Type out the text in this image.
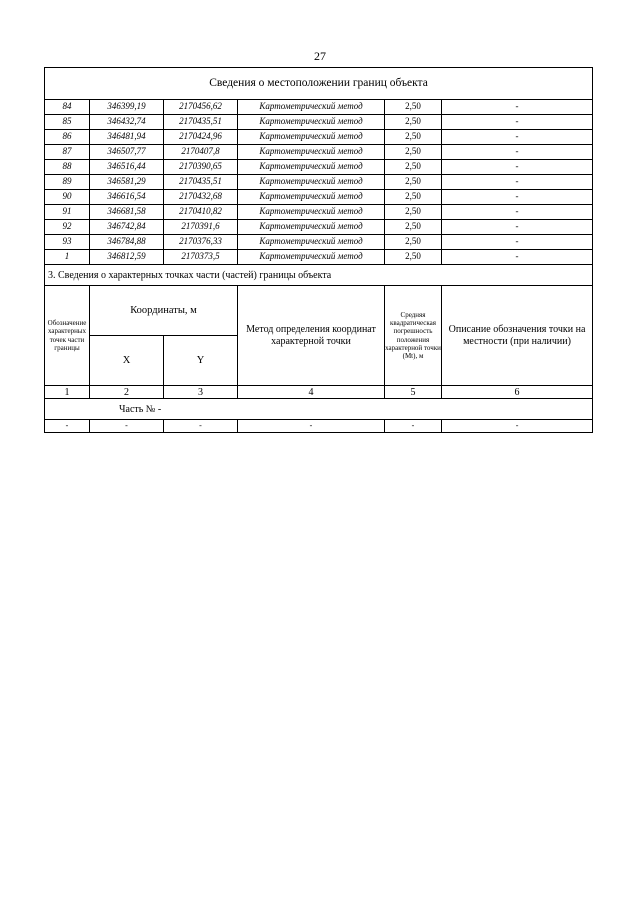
27
Сведения о местоположении границ объекта					
84	346399,19	2170456,62	Картометрический метод	2,50	-
85	346432,74	2170435,51	Картометрический метод	2,50	-
86	346481,94	2170424,96	Картометрический метод	2,50	-
87	346507,77	2170407,8	Картометрический метод	2,50	-
88	346516,44	2170390,65	Картометрический метод	2,50	-
89	346581,29	2170435,51	Картометрический метод	2,50	-
90	346616,54	2170432,68	Картометрический метод	2,50	-
91	346681,58	2170410,82	Картометрический метод	2,50	-
92	346742,84	2170391,6	Картометрический метод	2,50	-
93	346784,88	2170376,33	Картометрический метод	2,50	-
1	346812,59	2170373,5	Картометрический метод	2,50	-
3. Сведения о характерных точках части (частей) границы объекта					
Обозначение характерных точек части границы	Координаты, м		Метод определения координат характерной точки	Средняя квадратическая погрешность положения характерной точки (Mt), м	Описание обозначения точки на местности (при наличии)
	X	Y			
1	2	3	4	5	6
Часть № -					
-	-	-	-	-	-
